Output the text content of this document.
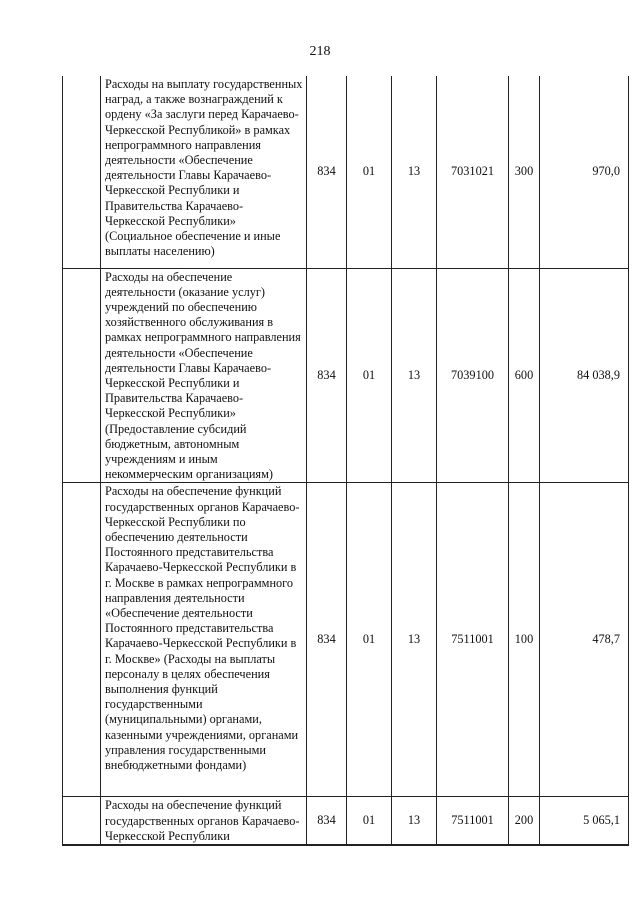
218
	Расходы на выплату государственных наград, а также вознаграждений к ордену «За заслуги перед Карачаево-Черкесской Республикой» в рамках непрограммного направления деятельности «Обеспечение деятельности Главы Карачаево-Черкесской Республики и Правительства Карачаево-Черкесской Республики» (Социальное обеспечение и иные выплаты населению)	834	01	13	7031021	300	970,0
	Расходы на обеспечение деятельности (оказание услуг) учреждений по обеспечению хозяйственного обслуживания в рамках непрограммного направления деятельности «Обеспечение деятельности Главы Карачаево-Черкесской Республики и Правительства Карачаево-Черкесской Республики» (Предоставление субсидий бюджетным, автономным учреждениям и иным некоммерческим организациям)	834	01	13	7039100	600	84 038,9
	Расходы на обеспечение функций государственных органов Карачаево-Черкесской Республики по обеспечению деятельности Постоянного представительства Карачаево-Черкесской Республики в г. Москве в рамках непрограммного направления деятельности «Обеспечение деятельности Постоянного представительства Карачаево-Черкесской Республики в г. Москве» (Расходы на выплаты персоналу в целях обеспечения выполнения функций государственными (муниципальными) органами, казенными учреждениями, органами управления государственными внебюджетными фондами)	834	01	13	7511001	100	478,7
	Расходы на обеспечение функций государственных органов Карачаево-Черкесской Республики	834	01	13	7511001	200	5 065,1
